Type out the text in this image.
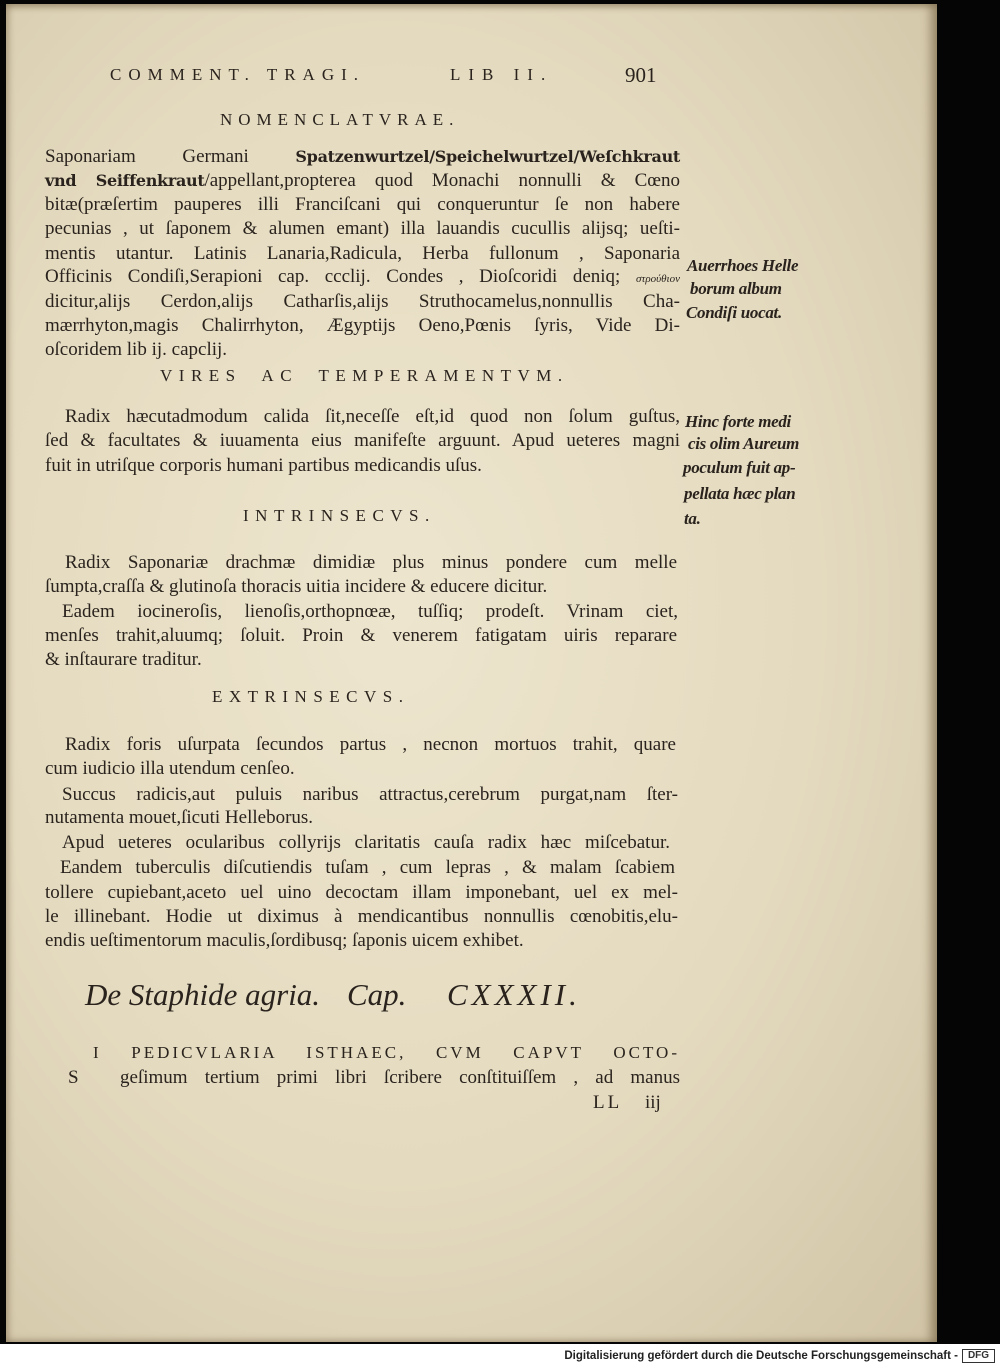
COMMENT. TRAGI.	LIB II.	901
NOMENCLATVRAE.
Saponariam Germani Spatzenwurtzel/Speichelwurtzel/Weſchkraut
vnd Seiffenkraut/appellant,propterea quod Monachi nonnulli & Cœno
bitæ(præſertim pauperes illi Franciſcani qui conqueruntur ſe non habere
pecunias , ut ſaponem & alumen emant) illa lauandis cucullis alijsq; ueſti-
mentis utantur. Latinis Lanaria,Radicula, Herba fullonum , Saponaria
Officinis Condiſi,Serapioni cap. ccclij. Condes , Dioſcoridi deniq; στρούθιον
dicitur,alijs Cerdon,alijs Catharſis,alijs Struthocamelus,nonnullis Cha-
mærrhyton,magis Chalirrhyton, Ægyptijs Oeno,Pœnis ſyris, Vide Di-
oſcoridem lib ij. capclij.
Auerrhoes Helle
borum album
Condiſi uocat.
Hinc forte medi
cis olim Aureum
poculum fuit ap-
pellata hæc plan
ta.
VIRES AC TEMPERAMENTVM.
Radix hæcutadmodum calida ſit,neceſſe eſt,id quod non ſolum guſtus,
ſed & facultates & iuuamenta eius manifeſte arguunt. Apud ueteres magni
fuit in utriſque corporis humani partibus medicandis uſus.
INTRINSECVS.
Radix Saponariæ drachmæ dimidiæ plus minus pondere cum melle
ſumpta,craſſa & glutinoſa thoracis uitia incidere & educere dicitur.
Eadem iocineroſis, lienoſis,orthopnœæ, tuſſiq; prodeſt. Vrinam ciet,
menſes trahit,aluumq; ſoluit. Proin & venerem fatigatam uiris reparare
& inſtaurare traditur.
EXTRINSECVS.
Radix foris uſurpata ſecundos partus , necnon mortuos trahit, quare
cum iudicio illa utendum cenſeo.
Succus radicis,aut puluis naribus attractus,cerebrum purgat,nam ſter-
nutamenta mouet,ſicuti Helleborus.
Apud ueteres ocularibus collyrijs claritatis cauſa radix hæc miſcebatur.
Eandem tuberculis diſcutiendis tuſam , cum lepras , & malam ſcabiem
tollere cupiebant,aceto uel uino decoctam illam imponebant, uel ex mel-
le illinebant. Hodie ut diximus à mendicantibus nonnullis cœnobitis,elu-
endis ueſtimentorum maculis,ſordibusq; ſaponis uicem exhibet.
De Staphide agria. Cap. CXXXII.
I PEDICVLARIA ISTHAEC, CVM CAPVT OCTO-
S geſimum tertium primi libri ſcribere conſtituiſſem , ad manus
LL iij
Digitalisierung gefördert durch die Deutsche Forschungsgemeinschaft - DFG
